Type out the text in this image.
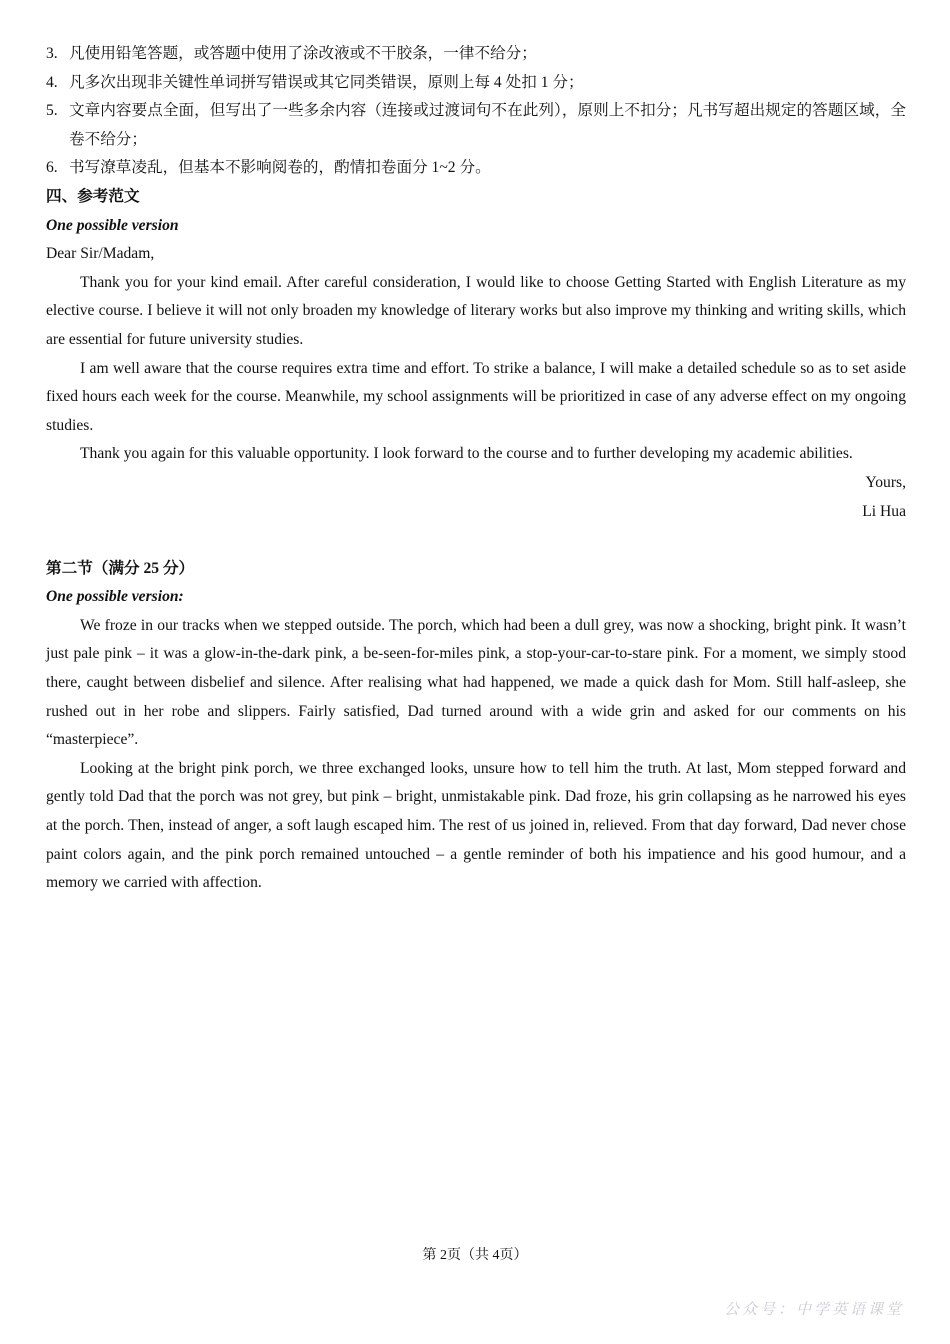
3. 凡使用铅笔答题，或答题中使用了涂改液或不干胶条，一律不给分；
4. 凡多次出现非关键性单词拼写错误或其它同类错误，原则上每 4 处扣 1 分；
5. 文章内容要点全面，但写出了一些多余内容（连接或过渡词句不在此列），原则上不扣分；凡书写超出规定的答题区域，全卷不给分；
6. 书写潦草凌乱，但基本不影响阅卷的，酌情扣卷面分 1~2 分。

四、参考范文

One possible version

Dear Sir/Madam,

Thank you for your kind email. After careful consideration, I would like to choose Getting Started with English Literature as my elective course. I believe it will not only broaden my knowledge of literary works but also improve my thinking and writing skills, which are essential for future university studies.

I am well aware that the course requires extra time and effort. To strike a balance, I will make a detailed schedule so as to set aside fixed hours each week for the course. Meanwhile, my school assignments will be prioritized in case of any adverse effect on my ongoing studies.

Thank you again for this valuable opportunity. I look forward to the course and to further developing my academic abilities.

Yours,

Li Hua

第二节（满分 25 分）

One possible version:

We froze in our tracks when we stepped outside. The porch, which had been a dull grey, was now a shocking, bright pink. It wasn’t just pale pink – it was a glow-in-the-dark pink, a be-seen-for-miles pink, a stop-your-car-to-stare pink. For a moment, we simply stood there, caught between disbelief and silence. After realising what had happened, we made a quick dash for Mom. Still half-asleep, she rushed out in her robe and slippers. Fairly satisfied, Dad turned around with a wide grin and asked for our comments on his “masterpiece”.

Looking at the bright pink porch, we three exchanged looks, unsure how to tell him the truth. At last, Mom stepped forward and gently told Dad that the porch was not grey, but pink – bright, unmistakable pink. Dad froze, his grin collapsing as he narrowed his eyes at the porch. Then, instead of anger, a soft laugh escaped him. The rest of us joined in, relieved. From that day forward, Dad never chose paint colors again, and the pink porch remained untouched – a gentle reminder of both his impatience and his good humour, and a memory we carried with affection.

第 2页（共 4页）
公众号：中学英语课堂
